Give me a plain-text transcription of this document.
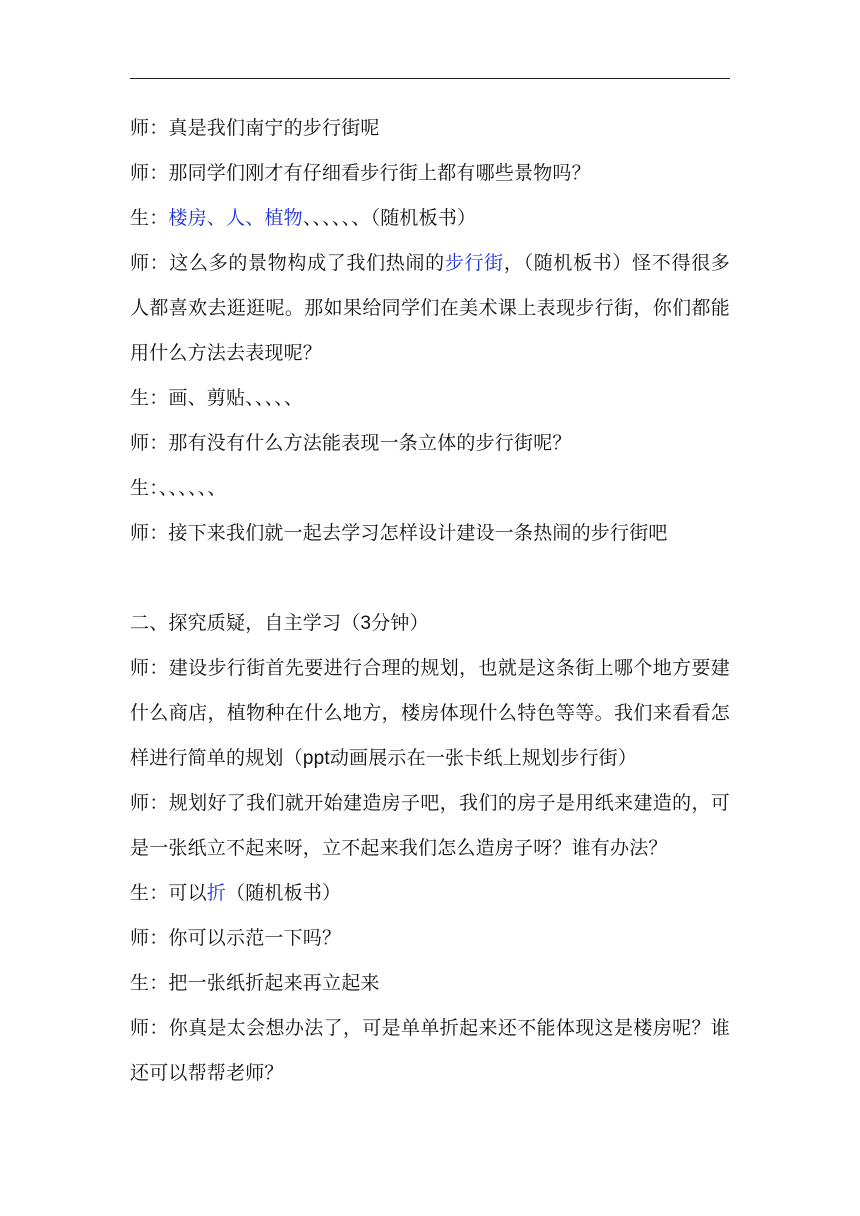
师：真是我们南宁的步行街呢
师：那同学们刚才有仔细看步行街上都有哪些景物吗？
生：楼房、人、植物、、、、、、（随机板书）
师：这么多的景物构成了我们热闹的步行街，（随机板书）怪不得很多人都喜欢去逛逛呢。那如果给同学们在美术课上表现步行街，你们都能用什么方法去表现呢？
生：画、剪贴、、、、、
师：那有没有什么方法能表现一条立体的步行街呢？
生：、、、、、、
师：接下来我们就一起去学习怎样设计建设一条热闹的步行街吧
二、探究质疑，自主学习（3分钟）
师：建设步行街首先要进行合理的规划，也就是这条街上哪个地方要建什么商店，植物种在什么地方，楼房体现什么特色等等。我们来看看怎样进行简单的规划（ppt动画展示在一张卡纸上规划步行街）
师：规划好了我们就开始建造房子吧，我们的房子是用纸来建造的，可是一张纸立不起来呀，立不起来我们怎么造房子呀？谁有办法？
生：可以折（随机板书）
师：你可以示范一下吗？
生：把一张纸折起来再立起来
师：你真是太会想办法了，可是单单折起来还不能体现这是楼房呢？谁还可以帮帮老师？
